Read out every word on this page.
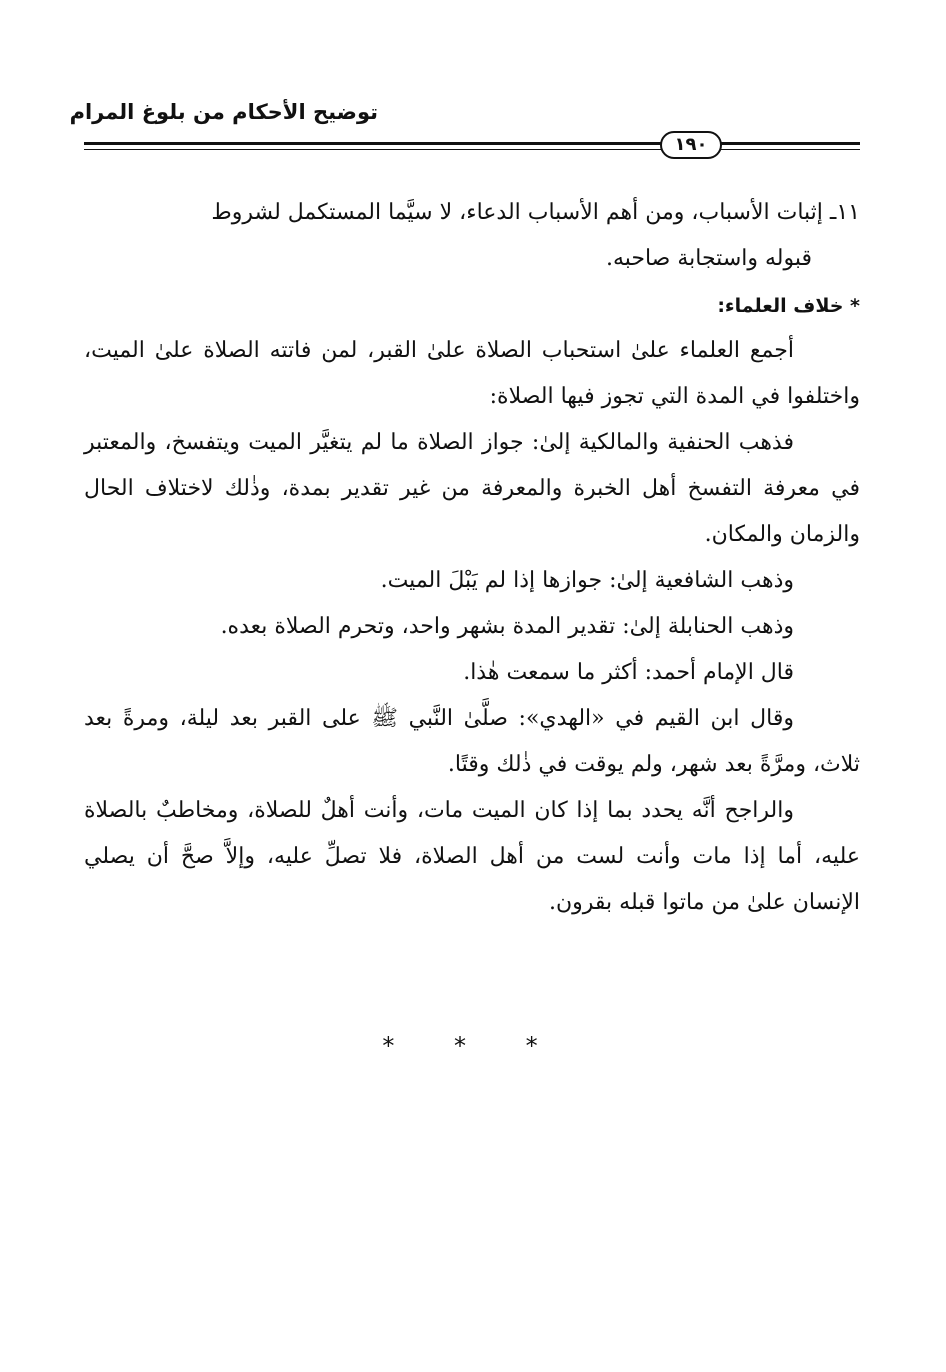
توضيح الأحكام من بلوغ المرام
١٩٠

١١ـ إثبات الأسباب، ومن أهم الأسباب الدعاء، لا سيَّما المستكمل لشروط

قبوله واستجابة صاحبه.

* خلاف العلماء:

أجمع العلماء علىٰ استحباب الصلاة علىٰ القبر، لمن فاتته الصلاة علىٰ الميت، واختلفوا في المدة التي تجوز فيها الصلاة:

فذهب الحنفية والمالكية إلىٰ: جواز الصلاة ما لم يتغيَّر الميت ويتفسخ، والمعتبر في معرفة التفسخ أهل الخبرة والمعرفة من غير تقدير بمدة، وذٰلك لاختلاف الحال والزمان والمكان.

وذهب الشافعية إلىٰ: جوازها إذا لم يَبْلَ الميت.

وذهب الحنابلة إلىٰ: تقدير المدة بشهر واحد، وتحرم الصلاة بعده.

قال الإمام أحمد: أكثر ما سمعت هٰذا.

وقال ابن القيم في «الهدي»: صلَّىٰ النَّبي ﷺ على القبر بعد ليلة، ومرةً بعد ثلاث، ومرَّةً بعد شهر، ولم يوقت في ذٰلك وقتًا.

والراجح أنَّه يحدد بما إذا كان الميت مات، وأنت أهلٌ للصلاة، ومخاطبٌ بالصلاة عليه، أما إذا مات وأنت لست من أهل الصلاة، فلا تصلِّ عليه، وإلاَّ صحَّ أن يصلي الإنسان علىٰ من ماتوا قبله بقرون.

* * *
